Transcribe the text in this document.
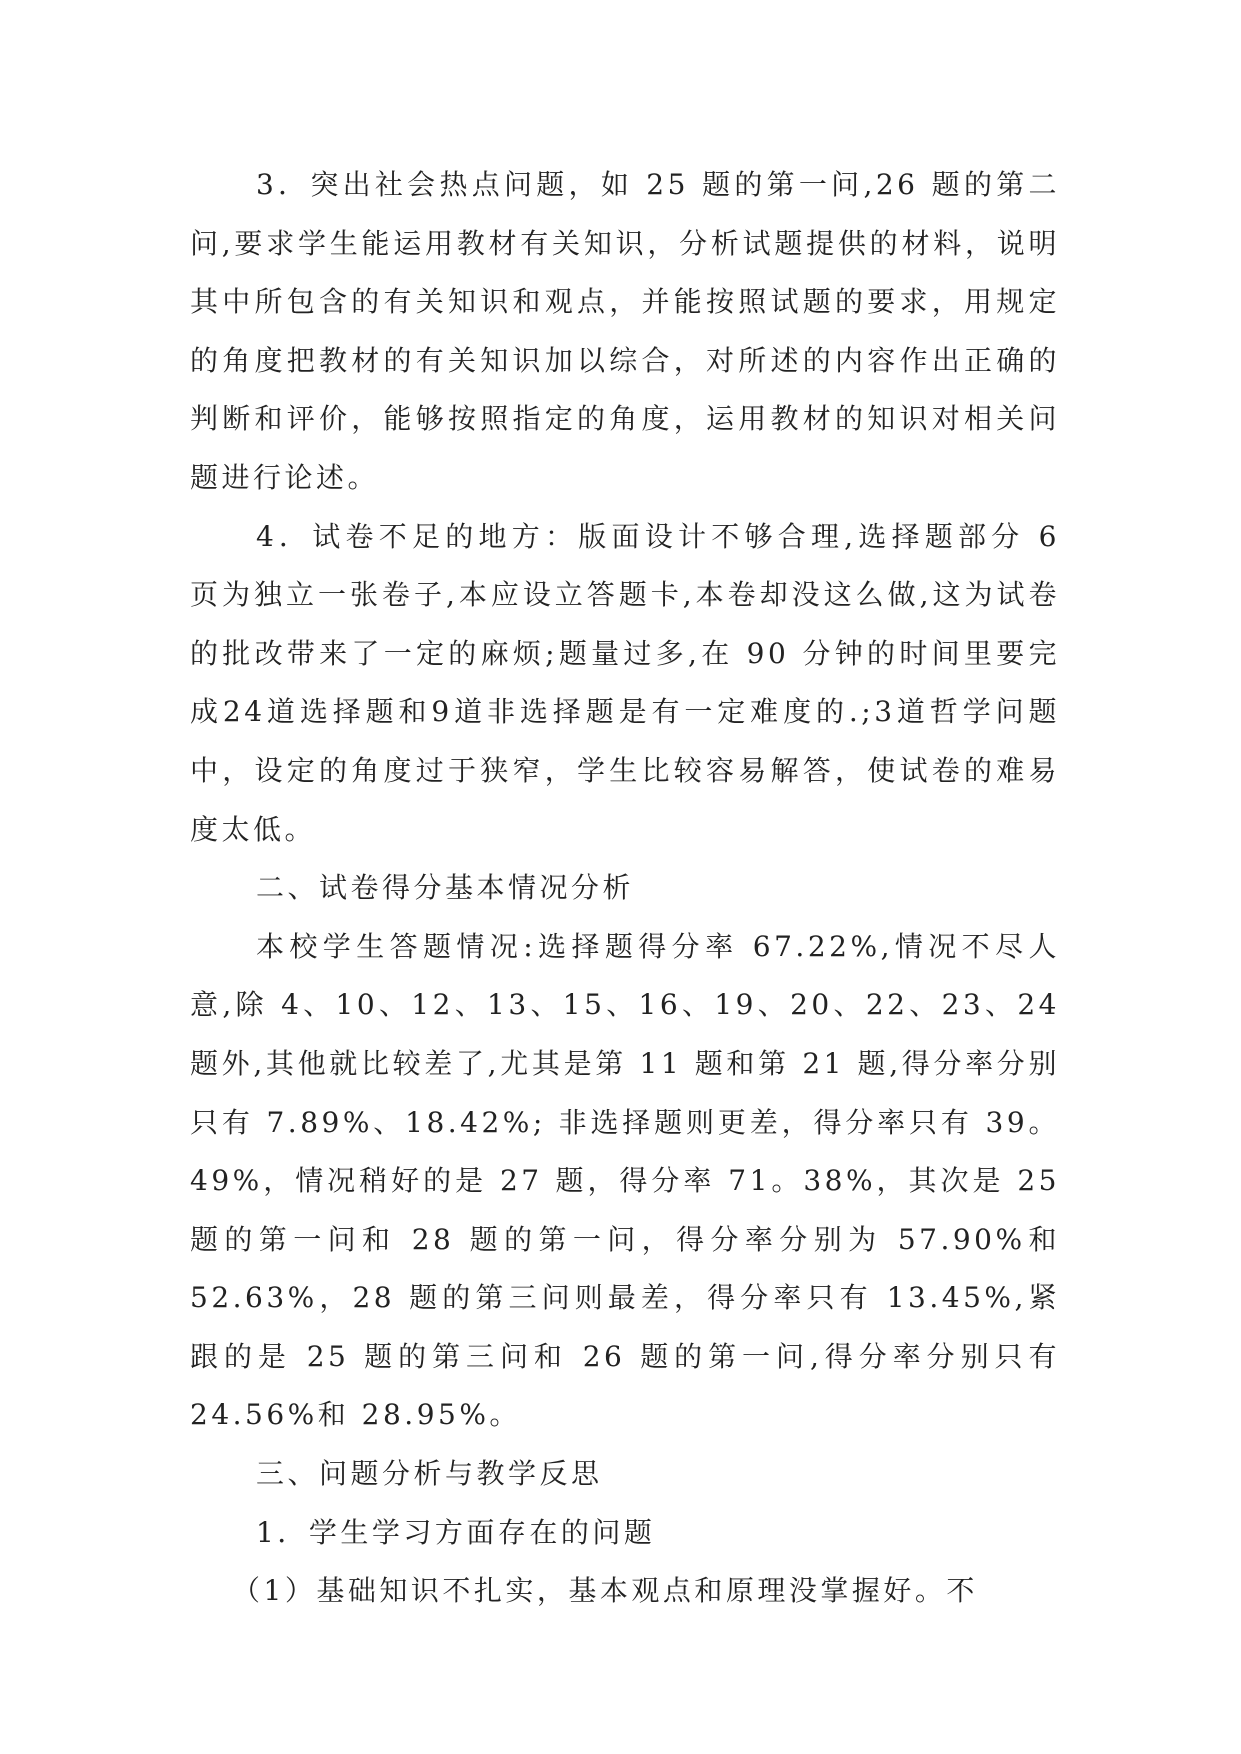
3．突出社会热点问题，如 25 题的第一问,26 题的第二问,要求学生能运用教材有关知识，分析试题提供的材料，说明其中所包含的有关知识和观点，并能按照试题的要求，用规定的角度把教材的有关知识加以综合，对所述的内容作出正确的判断和评价，能够按照指定的角度，运用教材的知识对相关问题进行论述。

4．试卷不足的地方：版面设计不够合理,选择题部分 6 页为独立一张卷子,本应设立答题卡,本卷却没这么做,这为试卷的批改带来了一定的麻烦;题量过多,在 90 分钟的时间里要完成24道选择题和9道非选择题是有一定难度的.;3道哲学问题中，设定的角度过于狭窄，学生比较容易解答，使试卷的难易度太低。

二、试卷得分基本情况分析

本校学生答题情况:选择题得分率 67.22%,情况不尽人意,除 4、10、12、13、15、16、19、20、22、23、24 题外,其他就比较差了,尤其是第 11 题和第 21 题,得分率分别只有 7.89%、18.42%; 非选择题则更差，得分率只有 39。49%，情况稍好的是 27 题，得分率 71。38%，其次是 25 题的第一问和 28 题的第一问，得分率分别为 57.90%和 52.63%，28 题的第三问则最差，得分率只有 13.45%,紧跟的是 25 题的第三问和 26 题的第一问,得分率分别只有 24.56%和 28.95%。

三、问题分析与教学反思

1．学生学习方面存在的问题

（1）基础知识不扎实，基本观点和原理没掌握好。不
